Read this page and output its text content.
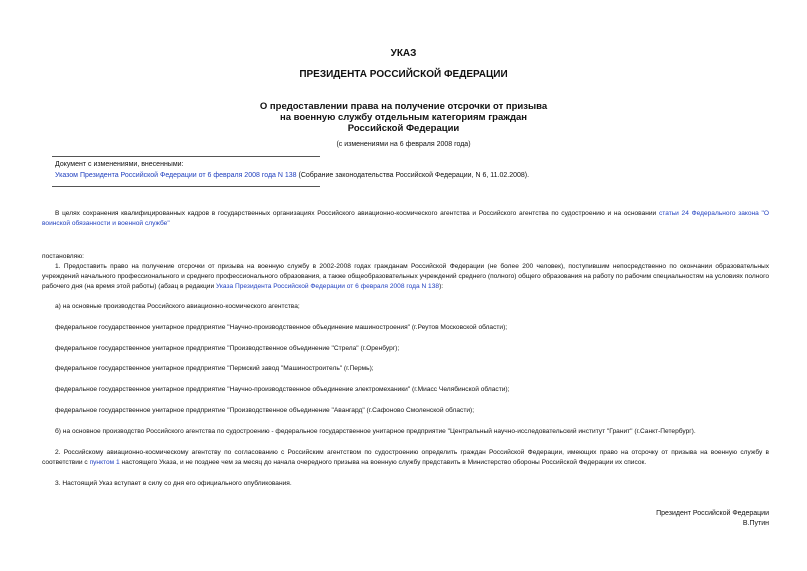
УКАЗ
ПРЕЗИДЕНТА РОССИЙСКОЙ ФЕДЕРАЦИИ
О предоставлении права на получение отсрочки от призыва
на военную службу отдельным категориям граждан
Российской Федерации
(с изменениями на 6 февраля 2008 года)
Документ с изменениями, внесенными:
Указом Президента Российской Федерации от 6 февраля 2008 года N 138 (Собрание законодательства Российской Федерации, N 6, 11.02.2008).
В целях сохранения квалифицированных кадров в государственных организациях Российского авиационно-космического агентства и Российского агентства по судостроению и на основании статьи 24 Федерального закона "О воинской обязанности и военной службе"
постановляю:
1. Предоставить право на получение отсрочки от призыва на военную службу в 2002-2008 годах гражданам Российской Федерации (не более 200 человек), поступившим непосредственно по окончании образовательных учреждений начального профессионального и среднего профессионального образования, а также общеобразовательных учреждений среднего (полного) общего образования на работу по рабочим специальностям на условиях полного рабочего дня (на время этой работы) (абзац в редакции Указа Президента Российской Федерации от 6 февраля 2008 года N 138):
а) на основные производства Российского авиационно-космического агентства;
федеральное государственное унитарное предприятие "Научно-производственное объединение машиностроения" (г.Реутов Московской области);
федеральное государственное унитарное предприятие "Производственное объединение "Стрела" (г.Оренбург);
федеральное государственное унитарное предприятие "Пермский завод "Машиностроитель" (г.Пермь);
федеральное государственное унитарное предприятие "Научно-производственное объединение электромеханики" (г.Миасс Челябинской области);
федеральное государственное унитарное предприятие "Производственное объединение "Авангард" (г.Сафоново Смоленской области);
б) на основное производство Российского агентства по судостроению - федеральное государственное унитарное предприятие "Центральный научно-исследовательский институт "Гранит" (г.Санкт-Петербург).
2. Российскому авиационно-космическому агентству по согласованию с Российским агентством по судостроению определить граждан Российской Федерации, имеющих право на отсрочку от призыва на военную службу в соответствии с пунктом 1 настоящего Указа, и не позднее чем за месяц до начала очередного призыва на военную службу представить в Министерство обороны Российской Федерации их список.
3. Настоящий Указ вступает в силу со дня его официального опубликования.
Президент Российской Федерации
В.Путин
